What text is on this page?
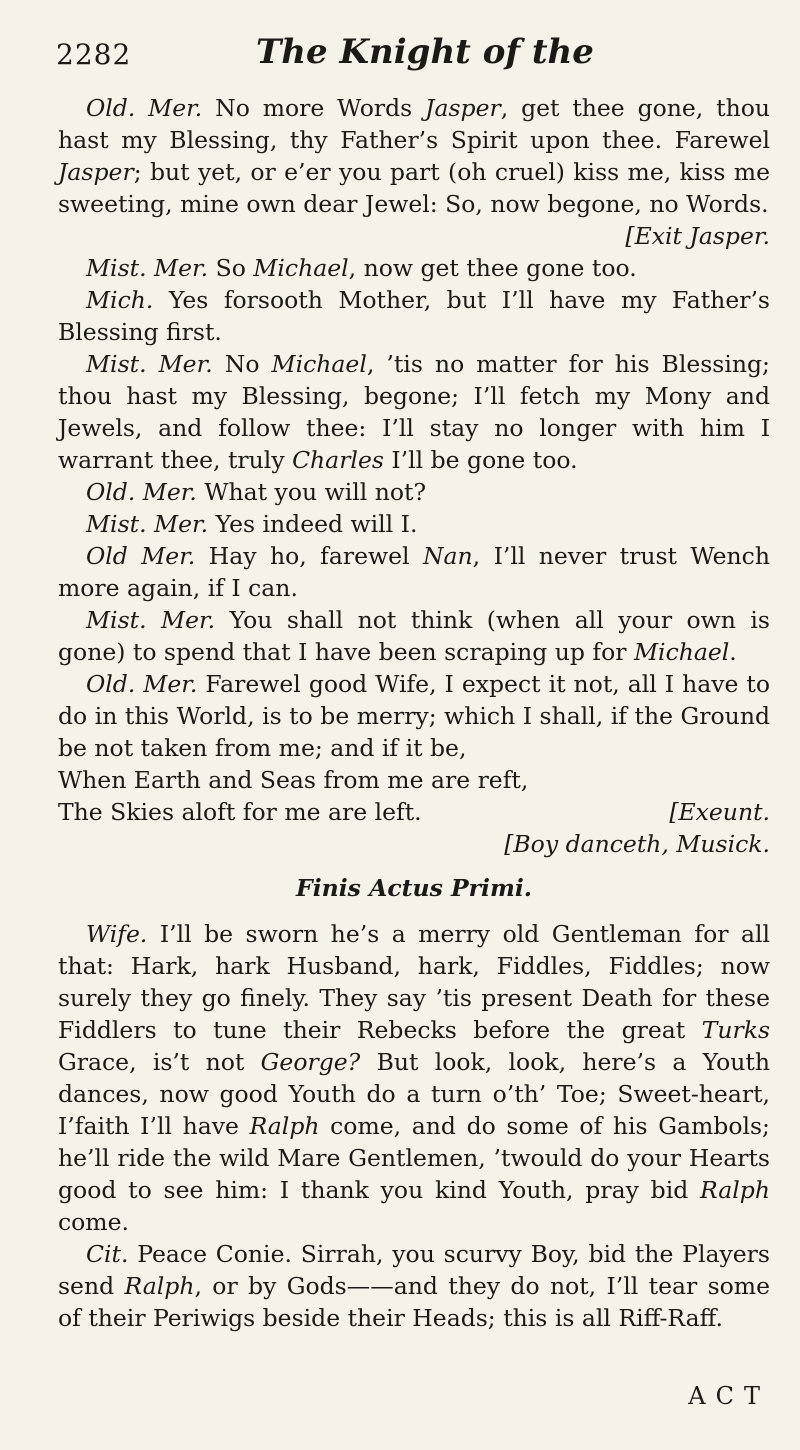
2282	The Knight of the

Old. Mer. No more Words Jasper, get thee gone, thou hast my Blessing, thy Father’s Spirit upon thee. Farewel Jasper; but yet, or e’er you part (oh cruel) kiss me, kiss me sweeting, mine own dear Jewel: So, now begone, no Words.

[Exit Jasper.

Mist. Mer. So Michael, now get thee gone too.

Mich. Yes forsooth Mother, but I’ll have my Father’s Blessing first.

Mist. Mer. No Michael, ’tis no matter for his Blessing; thou hast my Blessing, begone; I’ll fetch my Mony and Jewels, and follow thee: I’ll stay no longer with him I warrant thee, truly Charles I’ll be gone too.

Old. Mer. What you will not?

Mist. Mer. Yes indeed will I.

Old Mer. Hay ho, farewel Nan, I’ll never trust Wench more again, if I can.

Mist. Mer. You shall not think (when all your own is gone) to spend that I have been scraping up for Michael.

Old. Mer. Farewel good Wife, I expect it not, all I have to do in this World, is to be merry; which I shall, if the Ground be not taken from me; and if it be,

When Earth and Seas from me are reft,

The Skies aloft for me are left.	[Exeunt.

[Boy danceth, Musick.

Finis Actus Primi.

Wife. I’ll be sworn he’s a merry old Gentleman for all that: Hark, hark Husband, hark, Fiddles, Fiddles; now surely they go finely. They say ’tis present Death for these Fiddlers to tune their Rebecks before the great Turks Grace, is’t not George? But look, look, here’s a Youth dances, now good Youth do a turn o’th’ Toe; Sweet-heart, I’faith I’ll have Ralph come, and do some of his Gambols; he’ll ride the wild Mare Gentlemen, ’twould do your Hearts good to see him: I thank you kind Youth, pray bid Ralph come.

Cit. Peace Conie. Sirrah, you scurvy Boy, bid the Players send Ralph, or by Gods——and they do not, I’ll tear some of their Periwigs beside their Heads; this is all Riff-Raff.

ACT
